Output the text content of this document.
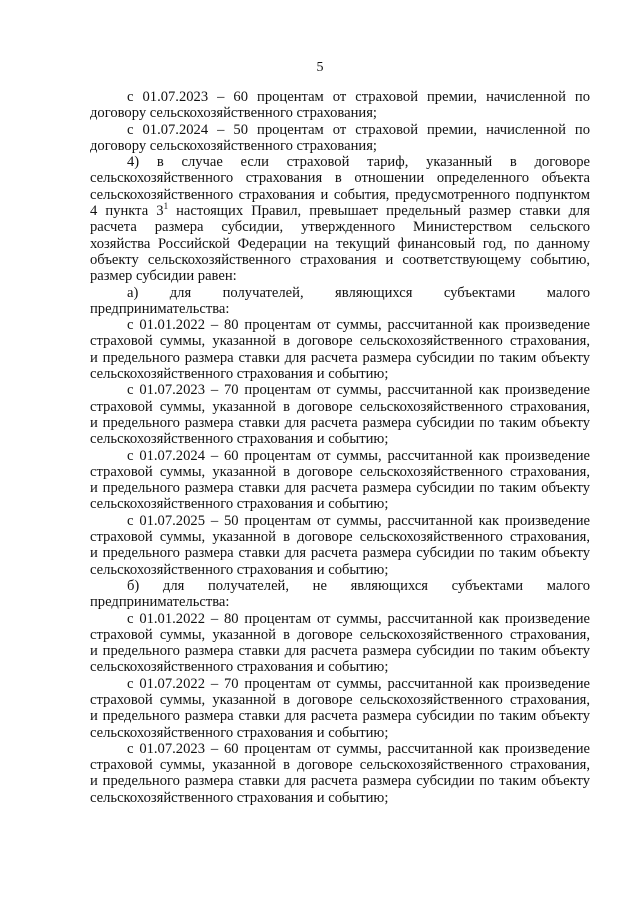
5
с 01.07.2023 – 60 процентам от страховой премии, начисленной по
договору сельскохозяйственного страхования;
с 01.07.2024 – 50 процентам от страховой премии, начисленной по
договору сельскохозяйственного страхования;
4) в случае если страховой тариф, указанный в договоре
сельскохозяйственного страхования в отношении определенного объекта
сельскохозяйственного страхования и события, предусмотренного подпунктом
4 пункта $3^1$ настоящих Правил, превышает предельный размер ставки для
расчета размера субсидии, утвержденного Министерством сельского
хозяйства Российской Федерации на текущий финансовый год, по данному
объекту сельскохозяйственного страхования и соответствующему событию,
размер субсидии равен:
а) для получателей, являющихся субъектами малого
предпринимательства:
с 01.01.2022 – 80 процентам от суммы, рассчитанной как произведение
страховой суммы, указанной в договоре сельскохозяйственного страхования,
и предельного размера ставки для расчета размера субсидии по таким объекту
сельскохозяйственного страхования и событию;
с 01.07.2023 – 70 процентам от суммы, рассчитанной как произведение
страховой суммы, указанной в договоре сельскохозяйственного страхования,
и предельного размера ставки для расчета размера субсидии по таким объекту
сельскохозяйственного страхования и событию;
с 01.07.2024 – 60 процентам от суммы, рассчитанной как произведение
страховой суммы, указанной в договоре сельскохозяйственного страхования,
и предельного размера ставки для расчета размера субсидии по таким объекту
сельскохозяйственного страхования и событию;
с 01.07.2025 – 50 процентам от суммы, рассчитанной как произведение
страховой суммы, указанной в договоре сельскохозяйственного страхования,
и предельного размера ставки для расчета размера субсидии по таким объекту
сельскохозяйственного страхования и событию;
б) для получателей, не являющихся субъектами малого
предпринимательства:
с 01.01.2022 – 80 процентам от суммы, рассчитанной как произведение
страховой суммы, указанной в договоре сельскохозяйственного страхования,
и предельного размера ставки для расчета размера субсидии по таким объекту
сельскохозяйственного страхования и событию;
с 01.07.2022 – 70 процентам от суммы, рассчитанной как произведение
страховой суммы, указанной в договоре сельскохозяйственного страхования,
и предельного размера ставки для расчета размера субсидии по таким объекту
сельскохозяйственного страхования и событию;
с 01.07.2023 – 60 процентам от суммы, рассчитанной как произведение
страховой суммы, указанной в договоре сельскохозяйственного страхования,
и предельного размера ставки для расчета размера субсидии по таким объекту
сельскохозяйственного страхования и событию;
